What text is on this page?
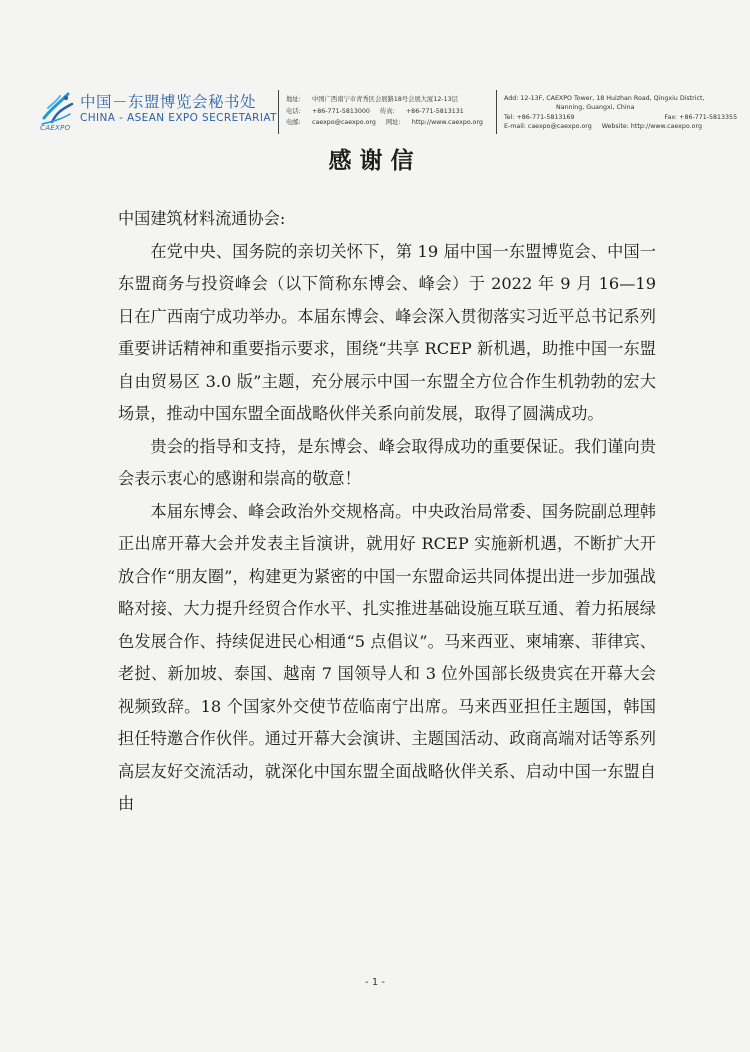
CAEXPO
中国－东盟博览会秘书处
CHINA - ASEAN EXPO SECRETARIAT
地址: 中国广西南宁市青秀区会展路18号会展大厦12-13层
电话: +86-771-5813000 传真: +86-771-5813131
电邮: caexpo@caexpo.org 网址: http://www.caexpo.org
Add: 12-13F, CAEXPO Tower, 18 Huizhan Road, Qingxiu District,
Nanning, Guangxi, China
Tel: +86-771-5813169	Fax: +86-771-5813355
E-mail: caexpo@caexpo.org Website: http://www.caexpo.org
感谢信

中国建筑材料流通协会:

在党中央、国务院的亲切关怀下，第 19 届中国一东盟博览会、中国一东盟商务与投资峰会（以下简称东博会、峰会）于 2022 年 9 月 16—19 日在广西南宁成功举办。本届东博会、峰会深入贯彻落实习近平总书记系列重要讲话精神和重要指示要求，围绕“共享 RCEP 新机遇，助推中国一东盟自由贸易区 3.0 版”主题，充分展示中国一东盟全方位合作生机勃勃的宏大场景，推动中国东盟全面战略伙伴关系向前发展，取得了圆满成功。

贵会的指导和支持，是东博会、峰会取得成功的重要保证。我们谨向贵会表示衷心的感谢和崇高的敬意！

本届东博会、峰会政治外交规格高。中央政治局常委、国务院副总理韩正出席开幕大会并发表主旨演讲，就用好 RCEP 实施新机遇，不断扩大开放合作“朋友圈”，构建更为紧密的中国一东盟命运共同体提出进一步加强战略对接、大力提升经贸合作水平、扎实推进基础设施互联互通、着力拓展绿色发展合作、持续促进民心相通“5 点倡议”。马来西亚、柬埔寨、菲律宾、老挝、新加坡、泰国、越南 7 国领导人和 3 位外国部长级贵宾在开幕大会视频致辞。18 个国家外交使节莅临南宁出席。马来西亚担任主题国，韩国担任特邀合作伙伴。通过开幕大会演讲、主题国活动、政商高端对话等系列高层友好交流活动，就深化中国东盟全面战略伙伴关系、启动中国一东盟自由

- 1 -
